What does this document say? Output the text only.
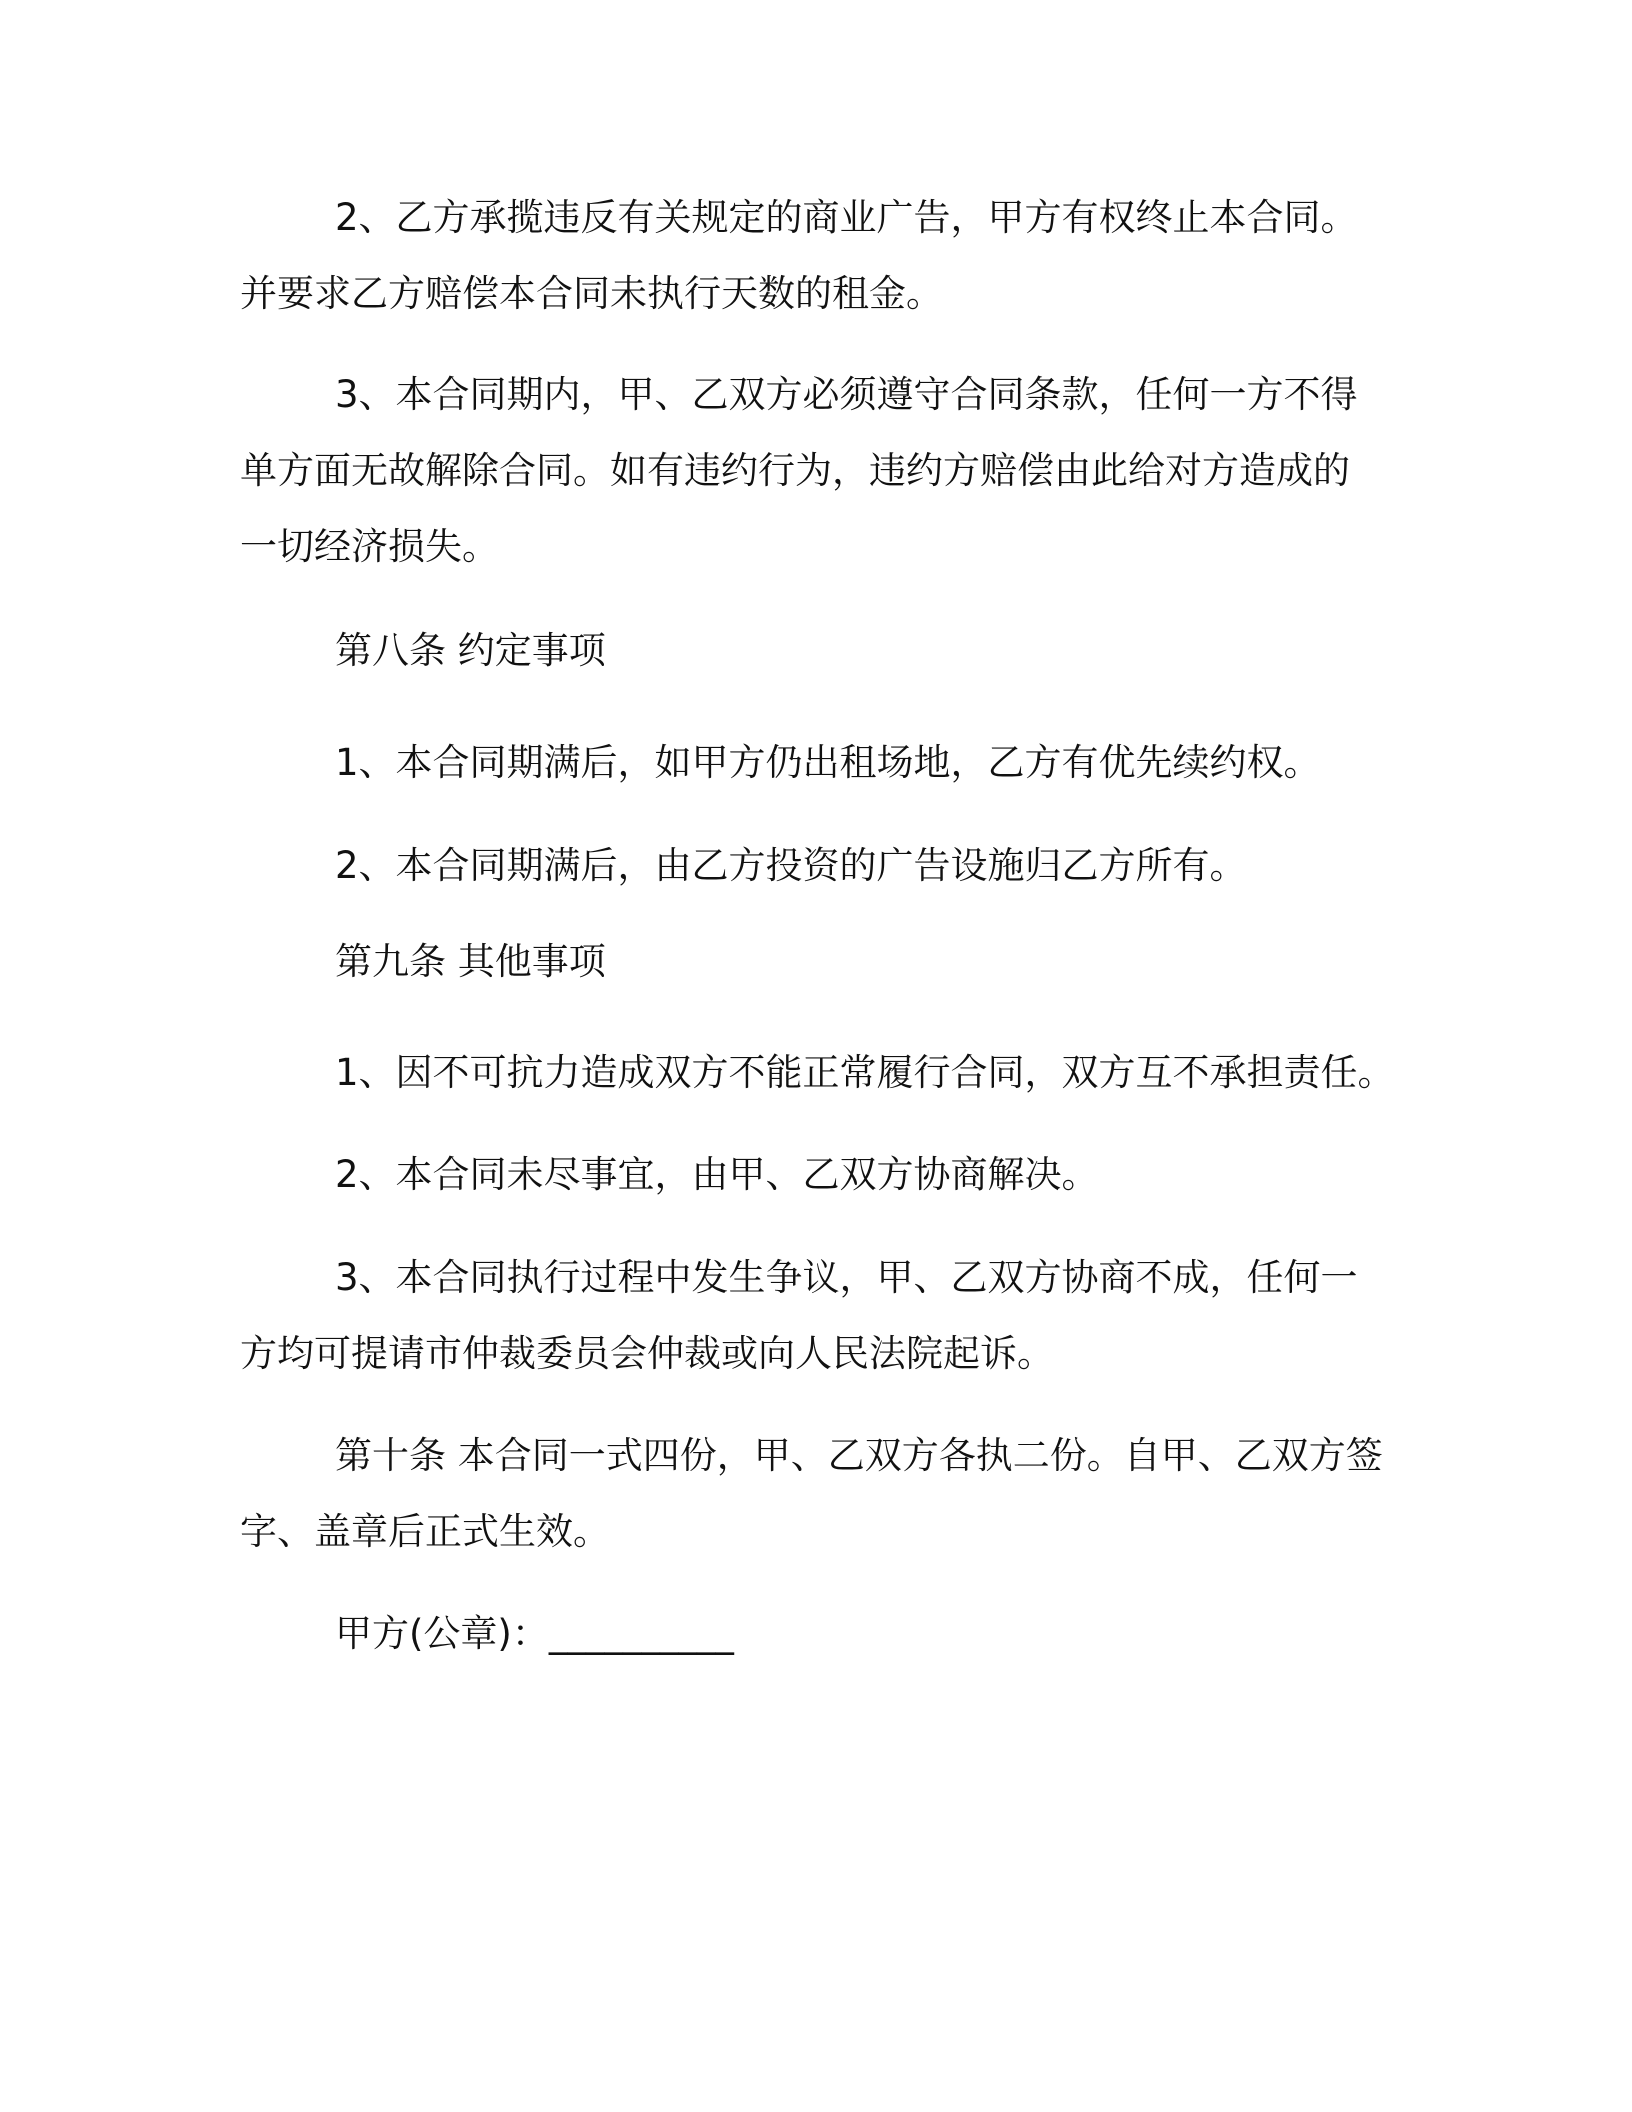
2、乙方承揽违反有关规定的商业广告，甲方有权终止本合同。
并要求乙方赔偿本合同未执行天数的租金。

3、本合同期内，甲、乙双方必须遵守合同条款，任何一方不得
单方面无故解除合同。如有违约行为，违约方赔偿由此给对方造成的
一切经济损失。

第八条 约定事项

1、本合同期满后，如甲方仍出租场地，乙方有优先续约权。

2、本合同期满后，由乙方投资的广告设施归乙方所有。

第九条 其他事项

1、因不可抗力造成双方不能正常履行合同，双方互不承担责任。

2、本合同未尽事宜，由甲、乙双方协商解决。

3、本合同执行过程中发生争议，甲、乙双方协商不成，任何一
方均可提请市仲裁委员会仲裁或向人民法院起诉。

第十条 本合同一式四份，甲、乙双方各执二份。自甲、乙双方签
字、盖章后正式生效。

甲方(公章)：__________
